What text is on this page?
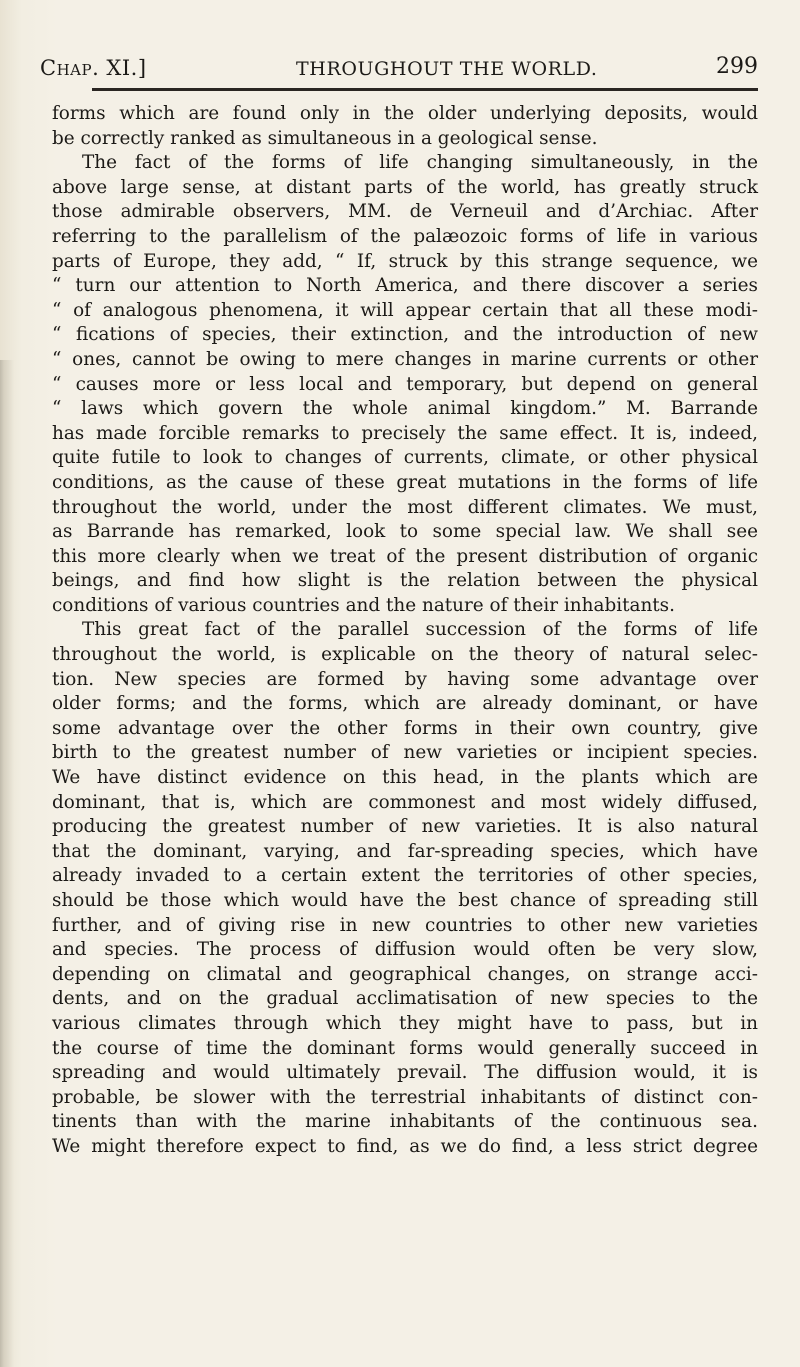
Chap. XI.]	THROUGHOUT THE WORLD.	299
forms which are found only in the older underlying deposits, would
be correctly ranked as simultaneous in a geological sense.
The fact of the forms of life changing simultaneously, in the
above large sense, at distant parts of the world, has greatly struck
those admirable observers, MM. de Verneuil and d’Archiac. After
referring to the parallelism of the palæozoic forms of life in various
parts of Europe, they add, “ If, struck by this strange sequence, we
“ turn our attention to North America, and there discover a series
“ of analogous phenomena, it will appear certain that all these modi-
“ fications of species, their extinction, and the introduction of new
“ ones, cannot be owing to mere changes in marine currents or other
“ causes more or less local and temporary, but depend on general
“ laws which govern the whole animal kingdom.” M. Barrande
has made forcible remarks to precisely the same effect. It is, indeed,
quite futile to look to changes of currents, climate, or other physical
conditions, as the cause of these great mutations in the forms of life
throughout the world, under the most different climates. We must,
as Barrande has remarked, look to some special law. We shall see
this more clearly when we treat of the present distribution of organic
beings, and find how slight is the relation between the physical
conditions of various countries and the nature of their inhabitants.
This great fact of the parallel succession of the forms of life
throughout the world, is explicable on the theory of natural selec-
tion. New species are formed by having some advantage over
older forms; and the forms, which are already dominant, or have
some advantage over the other forms in their own country, give
birth to the greatest number of new varieties or incipient species.
We have distinct evidence on this head, in the plants which are
dominant, that is, which are commonest and most widely diffused,
producing the greatest number of new varieties. It is also natural
that the dominant, varying, and far-spreading species, which have
already invaded to a certain extent the territories of other species,
should be those which would have the best chance of spreading still
further, and of giving rise in new countries to other new varieties
and species. The process of diffusion would often be very slow,
depending on climatal and geographical changes, on strange acci-
dents, and on the gradual acclimatisation of new species to the
various climates through which they might have to pass, but in
the course of time the dominant forms would generally succeed in
spreading and would ultimately prevail. The diffusion would, it is
probable, be slower with the terrestrial inhabitants of distinct con-
tinents than with the marine inhabitants of the continuous sea.
We might therefore expect to find, as we do find, a less strict degree
